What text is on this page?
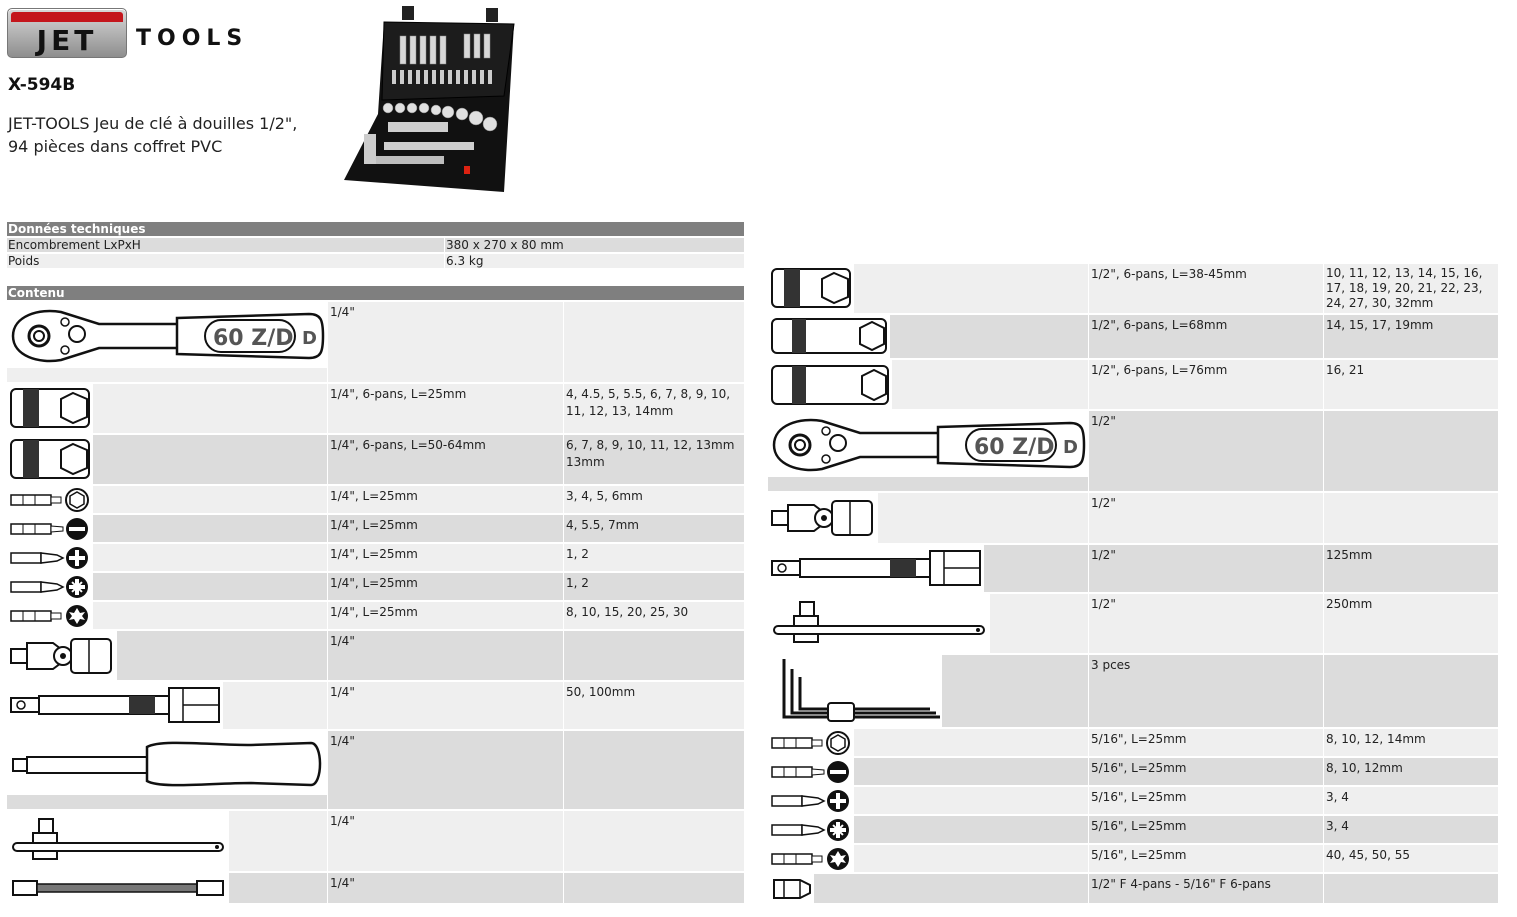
JET	TOOLS
X-594B
JET-TOOLS Jeu de clé à douilles 1/2",
94 pièces dans coffret PVC
Données techniques
Encombrement LxPxH	380 x 270 x 80 mm
Poids	6.3 kg
Contenu
60 Z/D D
1/4"
1/4", 6-pans, L=25mm	4, 4.5, 5, 5.5, 6, 7, 8, 9, 10, 11, 12, 13, 14mm
1/4", 6-pans, L=50-64mm	6, 7, 8, 9, 10, 11, 12, 13mm 13mm
1/4", L=25mm	3, 4, 5, 6mm
1/4", L=25mm	4, 5.5, 7mm
1/4", L=25mm	1, 2
1/4", L=25mm	1, 2
1/4", L=25mm	8, 10, 15, 20, 25, 30
1/4"
1/4"	50, 100mm
1/4"
1/4"
1/4"
1/2", 6-pans, L=38-45mm	10, 11, 12, 13, 14, 15, 16, 17, 18, 19, 20, 21, 22, 23, 24, 27, 30, 32mm
1/2", 6-pans, L=68mm	14, 15, 17, 19mm
1/2", 6-pans, L=76mm	16, 21
60 Z/D D
1/2"
1/2"
1/2"	125mm
1/2"	250mm
3 pces
5/16", L=25mm	8, 10, 12, 14mm
5/16", L=25mm	8, 10, 12mm
5/16", L=25mm	3, 4
5/16", L=25mm	3, 4
5/16", L=25mm	40, 45, 50, 55
1/2" F 4-pans - 5/16" F 6-pans
